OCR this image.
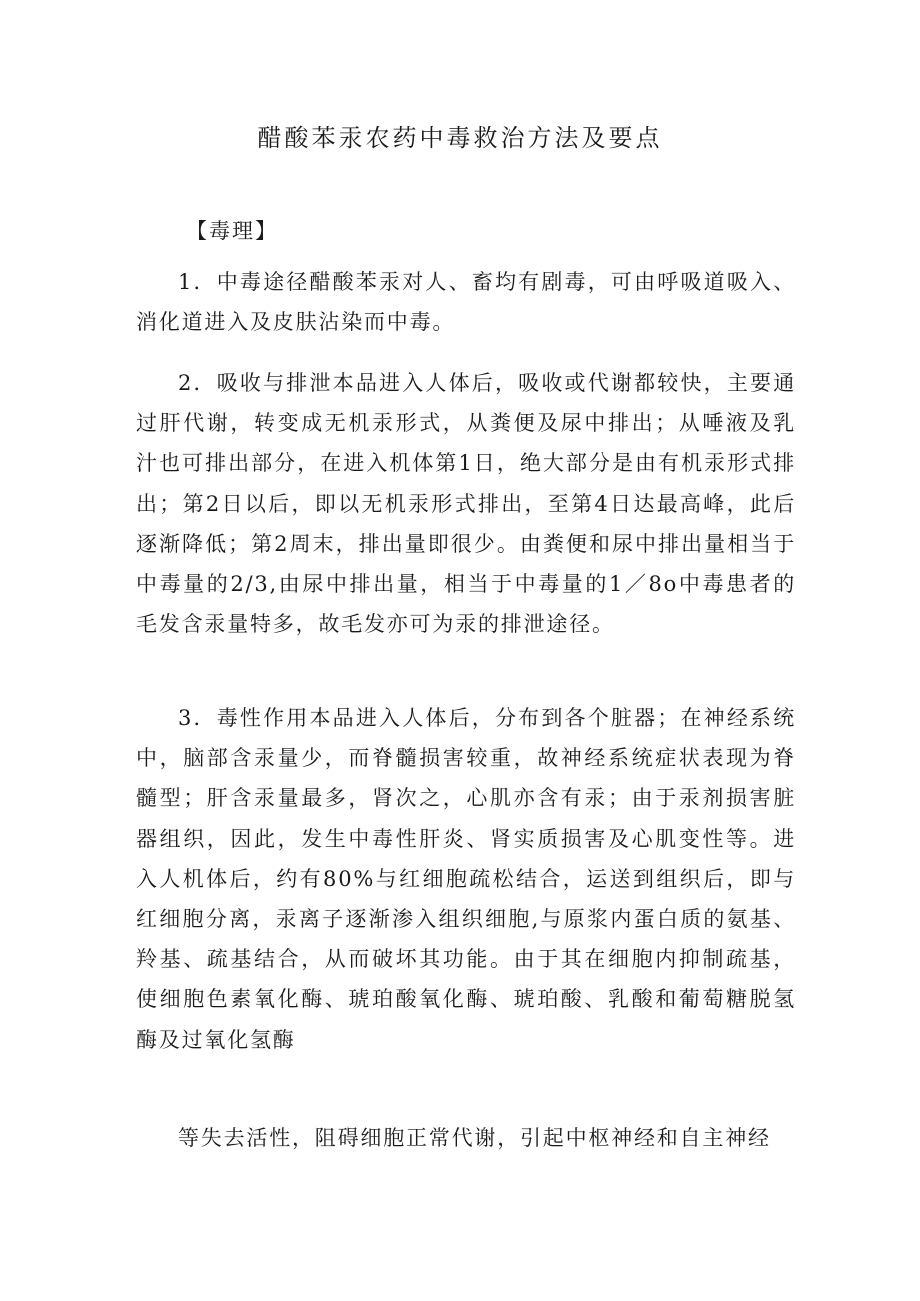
醋酸苯汞农药中毒救治方法及要点
【毒理】

1．中毒途径醋酸苯汞对人、畜均有剧毒，可由呼吸道吸入、消化道进入及皮肤沾染而中毒。

2．吸收与排泄本品进入人体后，吸收或代谢都较快，主要通过肝代谢，转变成无机汞形式，从粪便及尿中排出；从唾液及乳汁也可排出部分，在进入机体第1日，绝大部分是由有机汞形式排出；第2日以后，即以无机汞形式排出，至第4日达最高峰，此后逐渐降低；第2周末，排出量即很少。由粪便和尿中排出量相当于中毒量的2/3,由尿中排出量，相当于中毒量的1／8o中毒患者的毛发含汞量特多，故毛发亦可为汞的排泄途径。

3．毒性作用本品进入人体后，分布到各个脏器；在神经系统中，脑部含汞量少，而脊髓损害较重，故神经系统症状表现为脊髓型；肝含汞量最多，肾次之，心肌亦含有汞；由于汞剂损害脏器组织，因此，发生中毒性肝炎、肾实质损害及心肌变性等。进入人机体后，约有80%与红细胞疏松结合，运送到组织后，即与红细胞分离，汞离子逐渐渗入组织细胞,与原浆内蛋白质的氨基、羚基、疏基结合，从而破坏其功能。由于其在细胞内抑制疏基，使细胞色素氧化酶、琥珀酸氧化酶、琥珀酸、乳酸和葡萄糖脱氢酶及过氧化氢酶

等失去活性，阻碍细胞正常代谢，引起中枢神经和自主神经
